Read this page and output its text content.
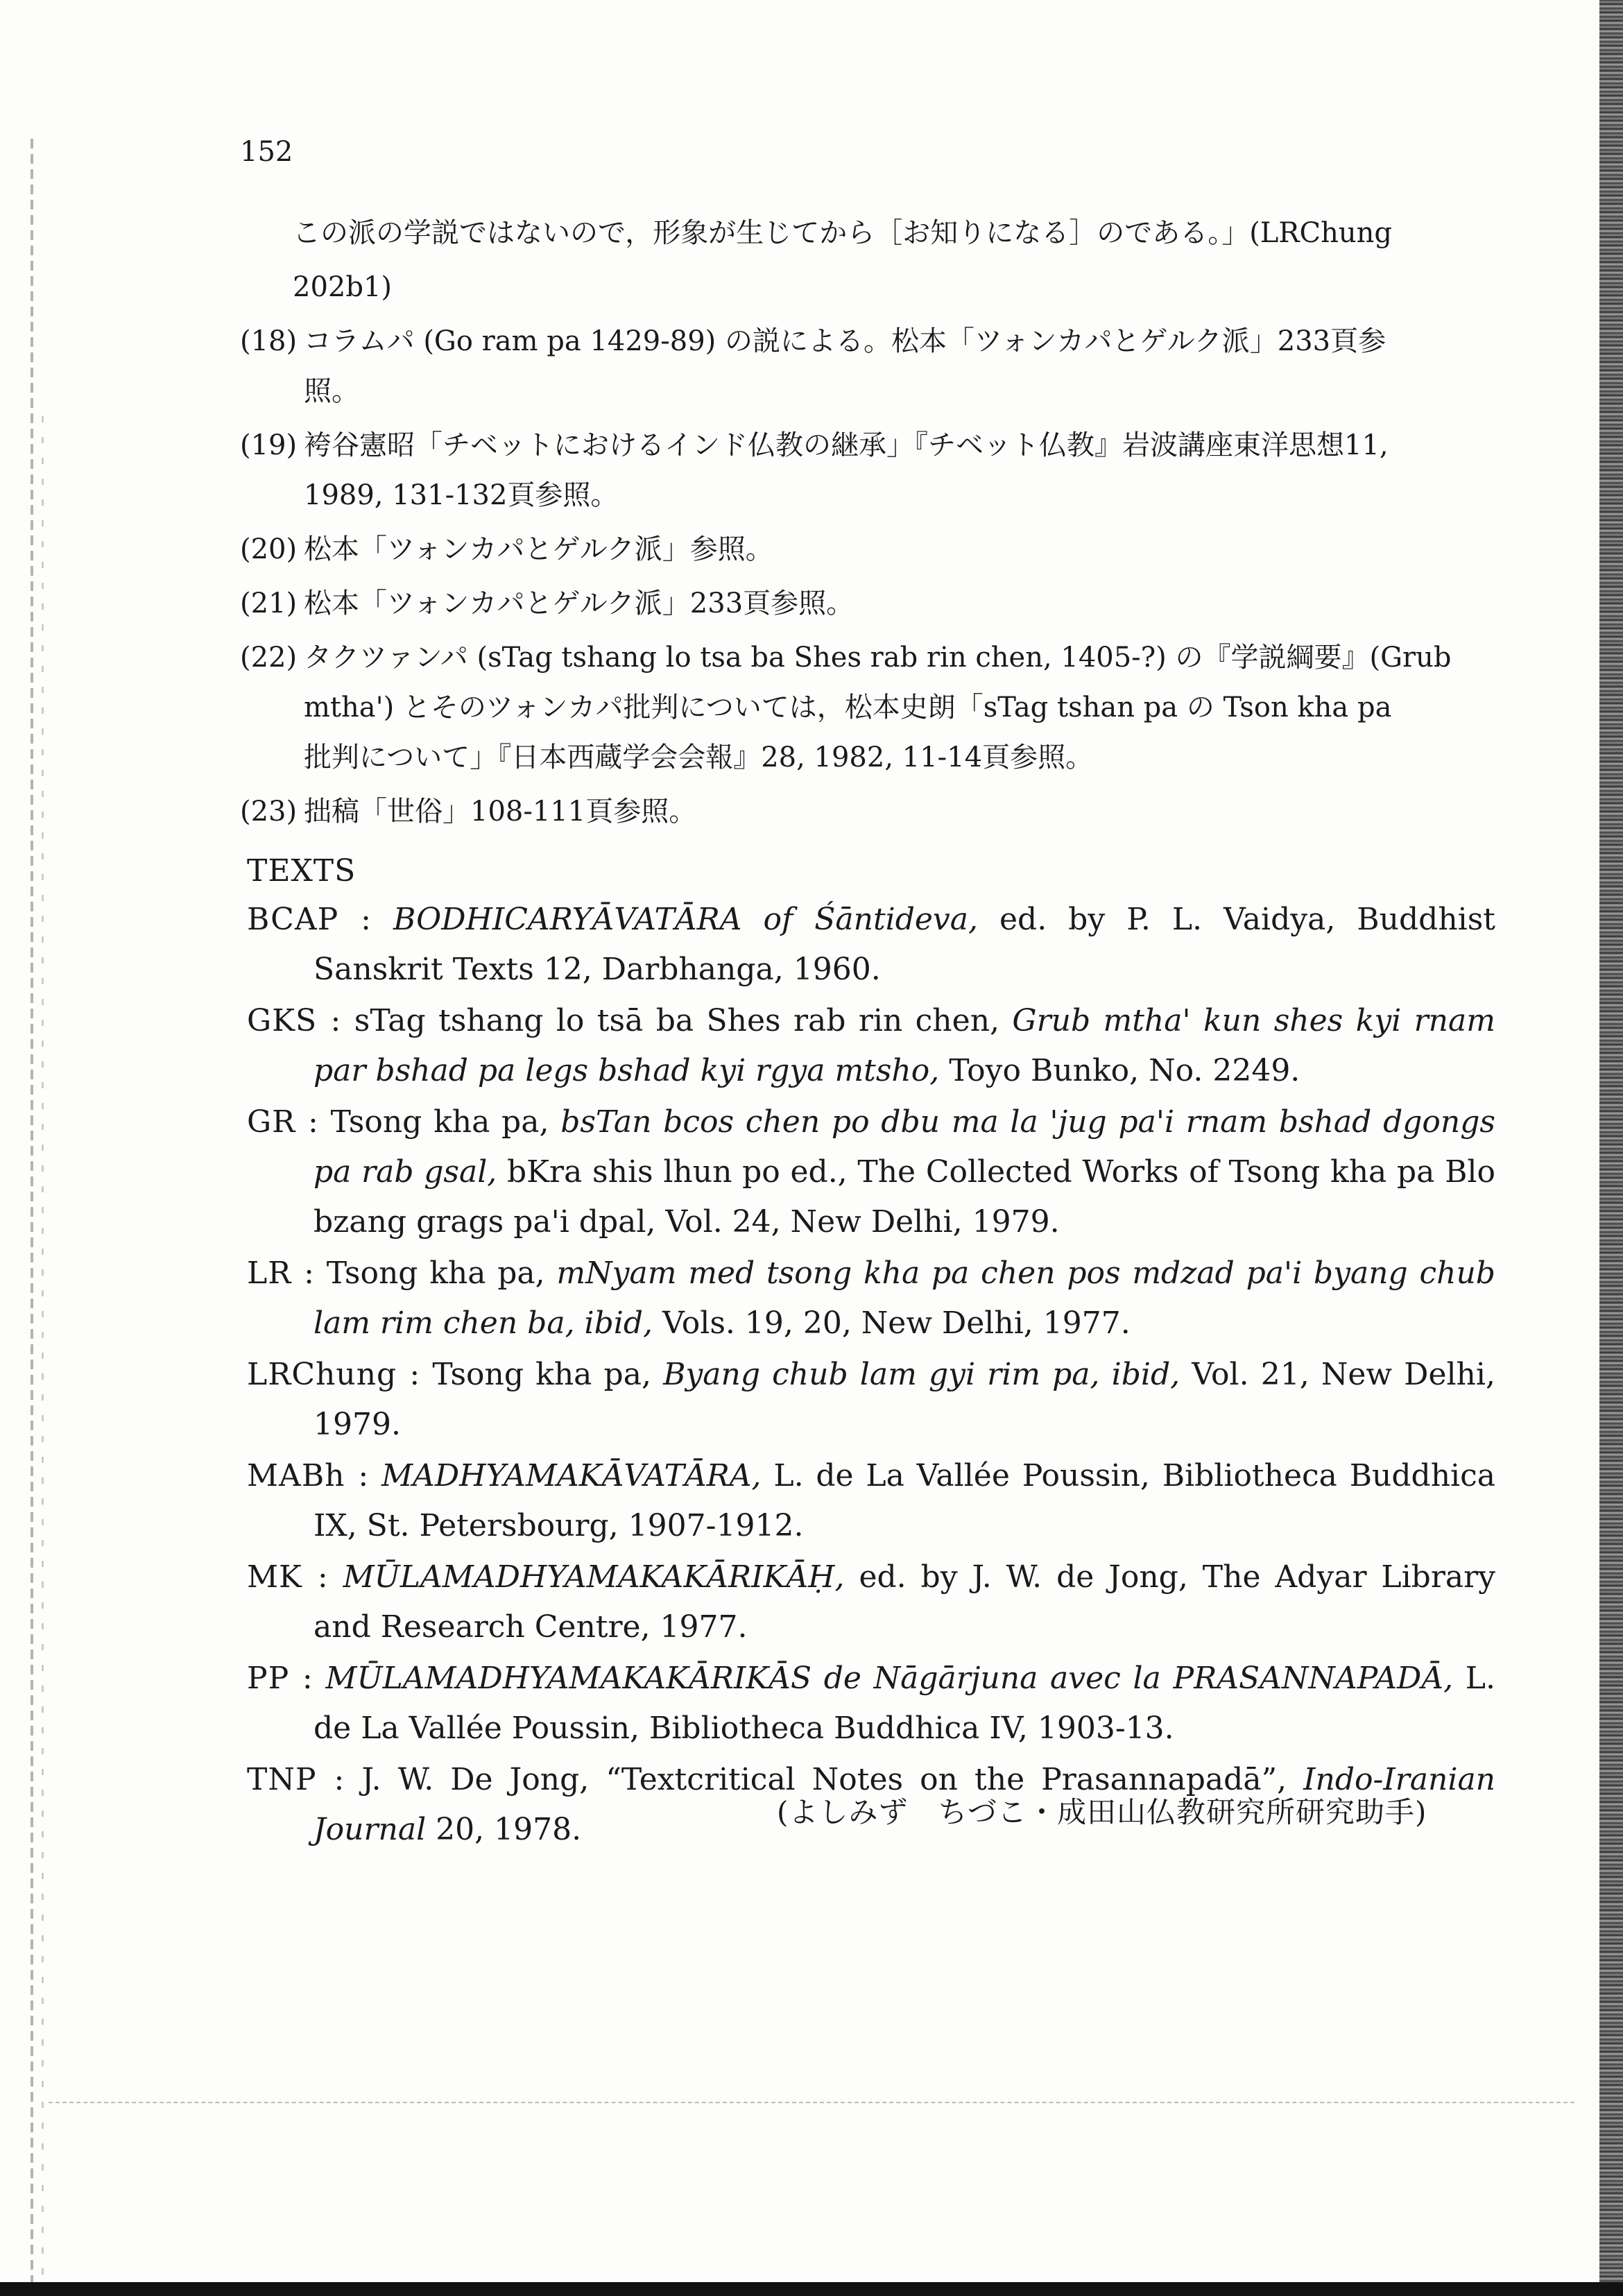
152
この派の学説ではないので，形象が生じてから［お知りになる］のである。」(LRChung
202b1)
(18) コラムパ (Go ram pa 1429-89) の説による。松本「ツォンカパとゲルク派」233頁参
照。
(19) 袴谷憲昭「チベットにおけるインド仏教の継承」『チベット仏教』岩波講座東洋思想11,
1989, 131-132頁参照。
(20) 松本「ツォンカパとゲルク派」参照。
(21) 松本「ツォンカパとゲルク派」233頁参照。
(22) タクツァンパ (sTag tshang lo tsa ba Shes rab rin chen, 1405-?) の『学説綱要』(Grub
mtha') とそのツォンカパ批判については，松本史朗「sTag tshan pa の Tson kha pa
批判について」『日本西蔵学会会報』28, 1982, 11-14頁参照。
(23) 拙稿「世俗」108-111頁参照。
TEXTS
BCAP : BODHICARYĀVATĀRA of Śāntideva, ed. by P. L. Vaidya, Buddhist Sanskrit Texts 12, Darbhanga, 1960.
GKS : sTag tshang lo tsā ba Shes rab rin chen, Grub mtha' kun shes kyi rnam par bshad pa legs bshad kyi rgya mtsho, Toyo Bunko, No. 2249.
GR : Tsong kha pa, bsTan bcos chen po dbu ma la 'jug pa'i rnam bshad dgongs pa rab gsal, bKra shis lhun po ed., The Collected Works of Tsong kha pa Blo bzang grags pa'i dpal, Vol. 24, New Delhi, 1979.
LR : Tsong kha pa, mNyam med tsong kha pa chen pos mdzad pa'i byang chub lam rim chen ba, ibid, Vols. 19, 20, New Delhi, 1977.
LRChung : Tsong kha pa, Byang chub lam gyi rim pa, ibid, Vol. 21, New Delhi, 1979.
MABh : MADHYAMAKĀVATĀRA, L. de La Vallée Poussin, Bibliotheca Buddhica IX, St. Petersbourg, 1907-1912.
MK : MŪLAMADHYAMAKAKĀRIKĀḤ, ed. by J. W. de Jong, The Adyar Library and Research Centre, 1977.
PP : MŪLAMADHYAMAKAKĀRIKĀS de Nāgārjuna avec la PRASANNAPADĀ, L. de La Vallée Poussin, Bibliotheca Buddhica IV, 1903-13.
TNP : J. W. De Jong, “Textcritical Notes on the Prasannapadā”, Indo-Iranian Journal 20, 1978.	(よしみず　ちづこ・成田山仏教研究所研究助手)
